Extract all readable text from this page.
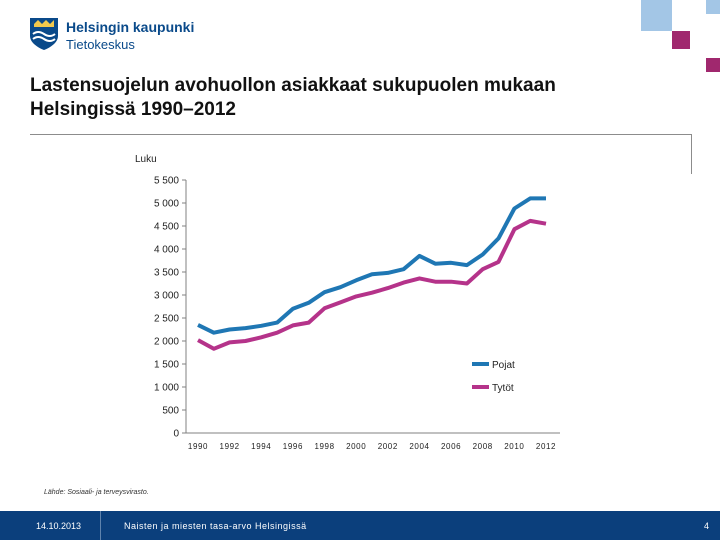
Helsingin kaupunki
Tietokeskus
Lastensuojelun avohuollon asiakkaat sukupuolen mukaan
Helsingissä 1990–2012
Luku
0
500
1 000
1 500
2 000
2 500
3 000
3 500
4 000
4 500
5 000
5 500
1990 1992 1994 1996 1998 2000 2002 2004 2006 2008 2010 2012
Pojat
Tytöt
Lähde: Sosiaali- ja terveysvirasto.
14.10.2013	Naisten ja miesten tasa-arvo Helsingissä	4
